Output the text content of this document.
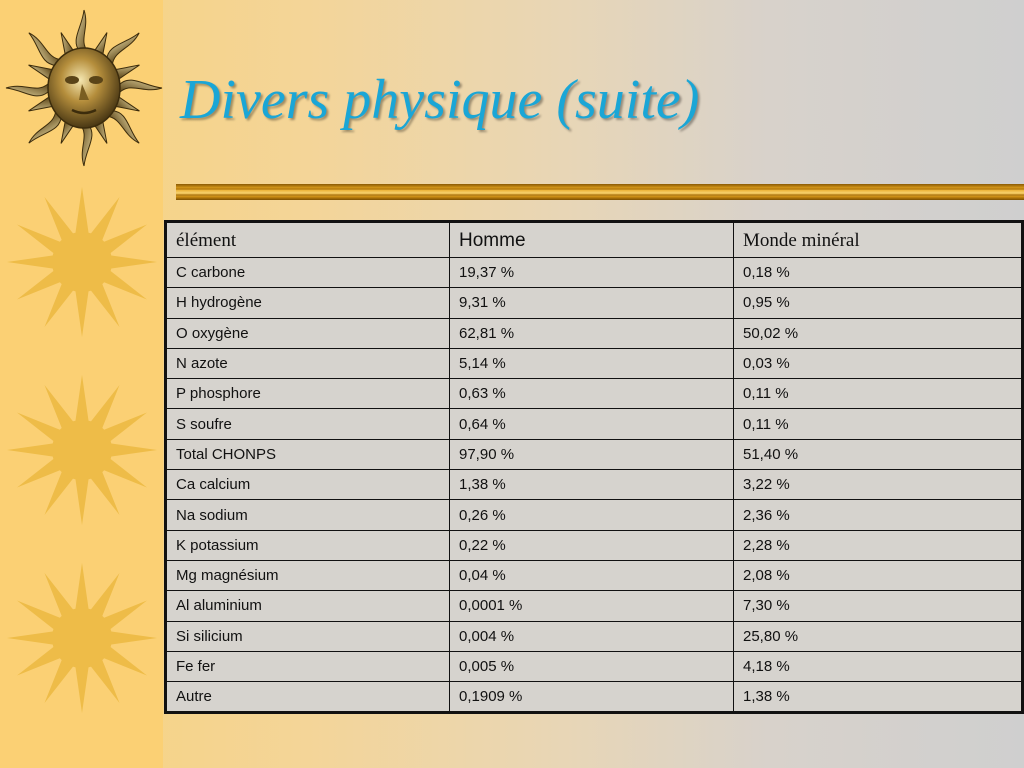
Divers physique (suite)
élément	Homme	Monde minéral
C carbone	19,37 %	0,18 %
H hydrogène	9,31 %	0,95 %
O oxygène	62,81 %	50,02 %
N azote	5,14 %	0,03 %
P phosphore	0,63 %	0,11 %
S soufre	0,64 %	0,11 %
Total CHONPS	97,90 %	51,40 %
Ca calcium	1,38 %	3,22 %
Na sodium	0,26 %	2,36 %
K potassium	0,22 %	2,28 %
Mg magnésium	0,04 %	2,08 %
Al aluminium	0,0001 %	7,30 %
Si silicium	0,004 %	25,80 %
Fe fer	0,005 %	4,18 %
Autre	0,1909 %	1,38 %
